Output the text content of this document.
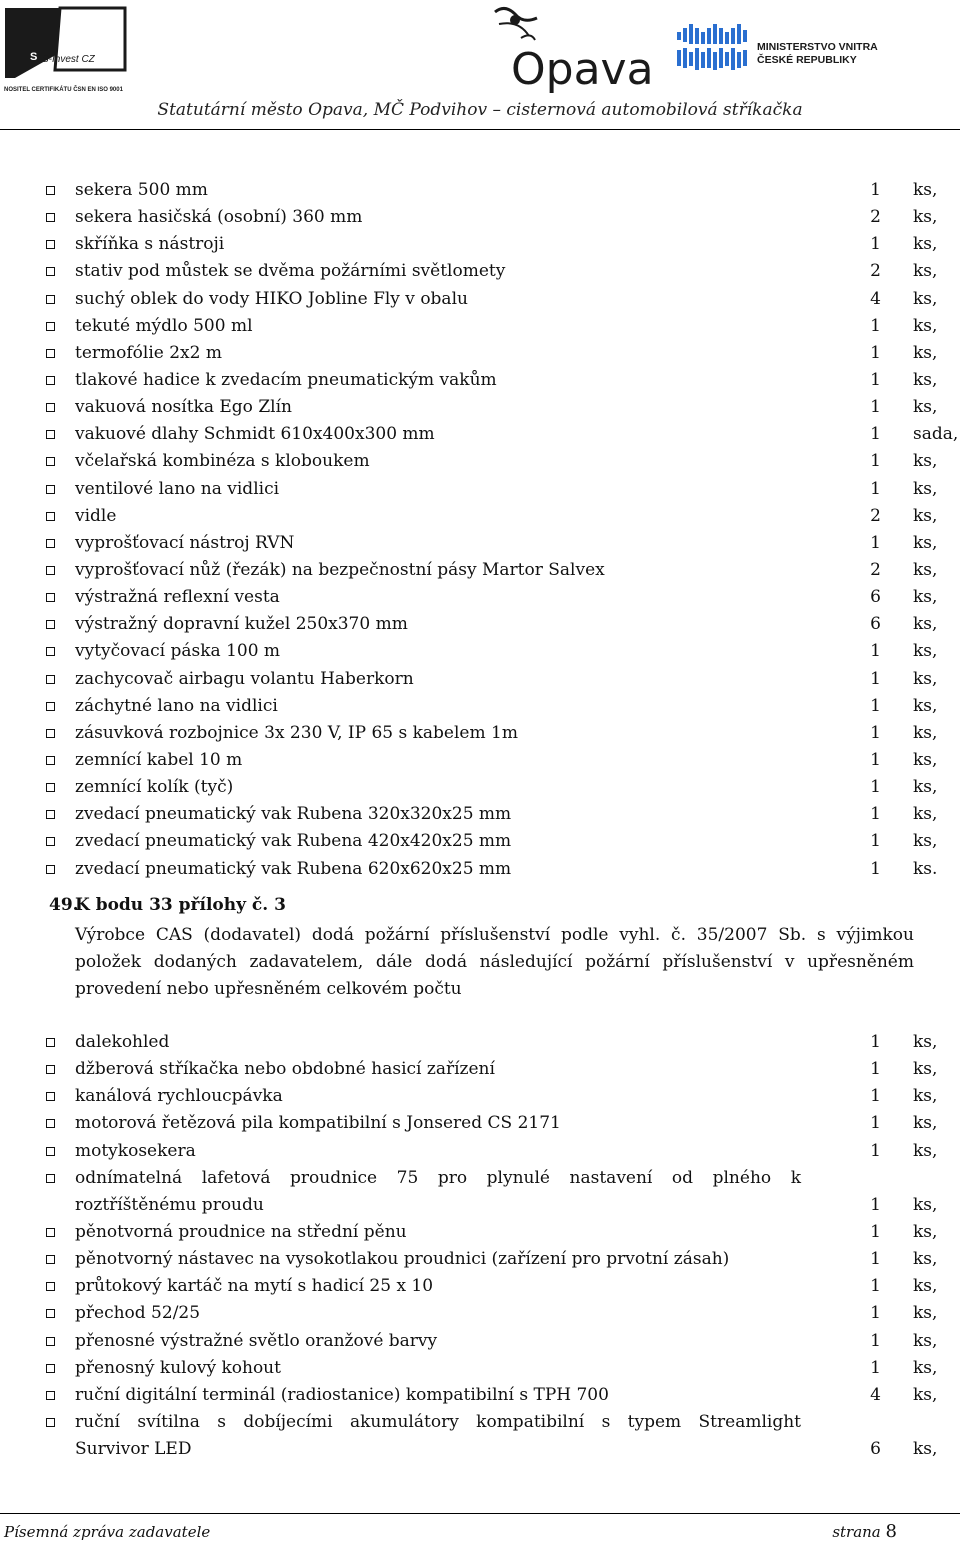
S S-Invest CZ
NOSITEL CERTIFIKÁTU ČSN EN ISO 9001	Opava	MINISTERSTVO VNITRA
ČESKÉ REPUBLIKY
Statutární město Opava, MČ Podvihov – cisternová automobilová stříkačka
sekera 500 mm	1 ks,
sekera hasičská (osobní) 360 mm	2 ks,
skříňka s nástroji	1 ks,
stativ pod můstek se dvěma požárními světlomety	2 ks,
suchý oblek do vody HIKO Jobline Fly v obalu	4 ks,
tekuté mýdlo 500 ml	1 ks,
termofólie 2x2 m	1 ks,
tlakové hadice k zvedacím pneumatickým vakům	1 ks,
vakuová nosítka Ego Zlín	1 ks,
vakuové dlahy Schmidt 610x400x300 mm	1 sada,
včelařská kombinéza s kloboukem	1 ks,
ventilové lano na vidlici	1 ks,
vidle	2 ks,
vyprošťovací nástroj RVN	1 ks,
vyprošťovací nůž (řezák) na bezpečnostní pásy Martor Salvex	2 ks,
výstražná reflexní vesta	6 ks,
výstražný dopravní kužel 250x370 mm	6 ks,
vytyčovací páska 100 m	1 ks,
zachycovač airbagu volantu Haberkorn	1 ks,
záchytné lano na vidlici	1 ks,
zásuvková rozbojnice 3x 230 V, IP 65 s kabelem 1m	1 ks,
zemnící kabel 10 m	1 ks,
zemnící kolík (tyč)	1 ks,
zvedací pneumatický vak Rubena 320x320x25 mm	1 ks,
zvedací pneumatický vak Rubena 420x420x25 mm	1 ks,
zvedací pneumatický vak Rubena 620x620x25 mm	1 ks.
49.
K bodu 33 přílohy č. 3

Výrobce CAS (dodavatel) dodá požární příslušenství podle vyhl. č. 35/2007 Sb. s výjimkou položek dodaných zadavatelem, dále dodá následující požární příslušenství v upřesněném provedení nebo upřesněném celkovém počtu

dalekohled	1 ks,
džberová stříkačka nebo obdobné hasicí zařízení	1 ks,
kanálová rychloucpávka	1 ks,
motorová řetězová pila kompatibilní s Jonsered CS 2171	1 ks,
motykosekera	1 ks,
odnímatelná lafetová proudnice 75 pro plynulé nastavení od plného k
roztříštěnému proudu	1 ks,
pěnotvorná proudnice na střední pěnu	1 ks,
pěnotvorný nástavec na vysokotlakou proudnici (zařízení pro prvotní zásah)	1 ks,
průtokový kartáč na mytí s hadicí 25 x 10	1 ks,
přechod 52/25	1 ks,
přenosné výstražné světlo oranžové barvy	1 ks,
přenosný kulový kohout	1 ks,
ruční digitální terminál (radiostanice) kompatibilní s TPH 700	4 ks,
ruční svítilna s dobíjecími akumulátory kompatibilní s typem Streamlight
Survivor LED	6 ks,
Písemná zpráva zadavatele	strana 8
